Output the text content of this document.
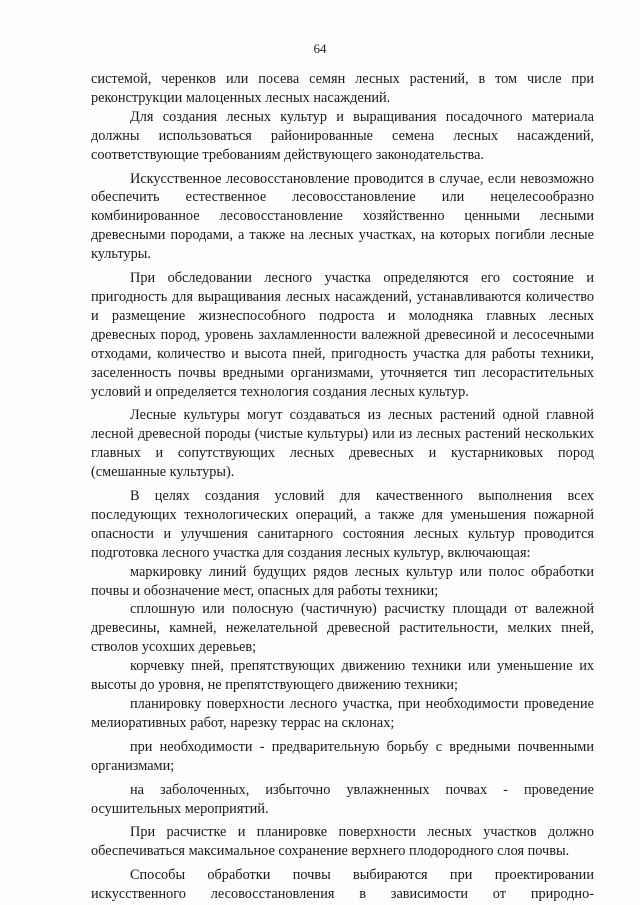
64

системой, черенков или посева семян лесных растений, в том числе при реконструкции малоценных лесных насаждений.

Для создания лесных культур и выращивания посадочного материала должны использоваться районированные семена лесных насаждений, соответствующие требованиям действующего законодательства.

Искусственное лесовосстановление проводится в случае, если невозможно обеспечить естественное лесовосстановление или нецелесообразно комбинированное лесовосстановление хозяйственно ценными лесными древесными породами, а также на лесных участках, на которых погибли лесные культуры.

При обследовании лесного участка определяются его состояние и пригодность для выращивания лесных насаждений, устанавливаются количество и размещение жизнеспособного подроста и молодняка главных лесных древесных пород, уровень захламленности валежной древесиной и лесосечными отходами, количество и высота пней, пригодность участка для работы техники, заселенность почвы вредными организмами, уточняется тип лесорастительных условий и определяется технология создания лесных культур.

Лесные культуры могут создаваться из лесных растений одной главной лесной древесной породы (чистые культуры) или из лесных растений нескольких главных и сопутствующих лесных древесных и кустарниковых пород (смешанные культуры).

В целях создания условий для качественного выполнения всех последующих технологических операций, а также для уменьшения пожарной опасности и улучшения санитарного состояния лесных культур проводится подготовка лесного участка для создания лесных культур, включающая:

маркировку линий будущих рядов лесных культур или полос обработки почвы и обозначение мест, опасных для работы техники;

сплошную или полосную (частичную) расчистку площади от валежной древесины, камней, нежелательной древесной растительности, мелких пней, стволов усохших деревьев;

корчевку пней, препятствующих движению техники или уменьшение их высоты до уровня, не препятствующего движению техники;

планировку поверхности лесного участка, при необходимости проведение мелиоративных работ, нарезку террас на склонах;

при необходимости - предварительную борьбу с вредными почвенными организмами;

на заболоченных, избыточно увлажненных почвах - проведение осушительных мероприятий.

При расчистке и планировке поверхности лесных участков должно обеспечиваться максимальное сохранение верхнего плодородного слоя почвы.

Способы обработки почвы выбираются при проектировании искусственного лесовосстановления в зависимости от природно-
